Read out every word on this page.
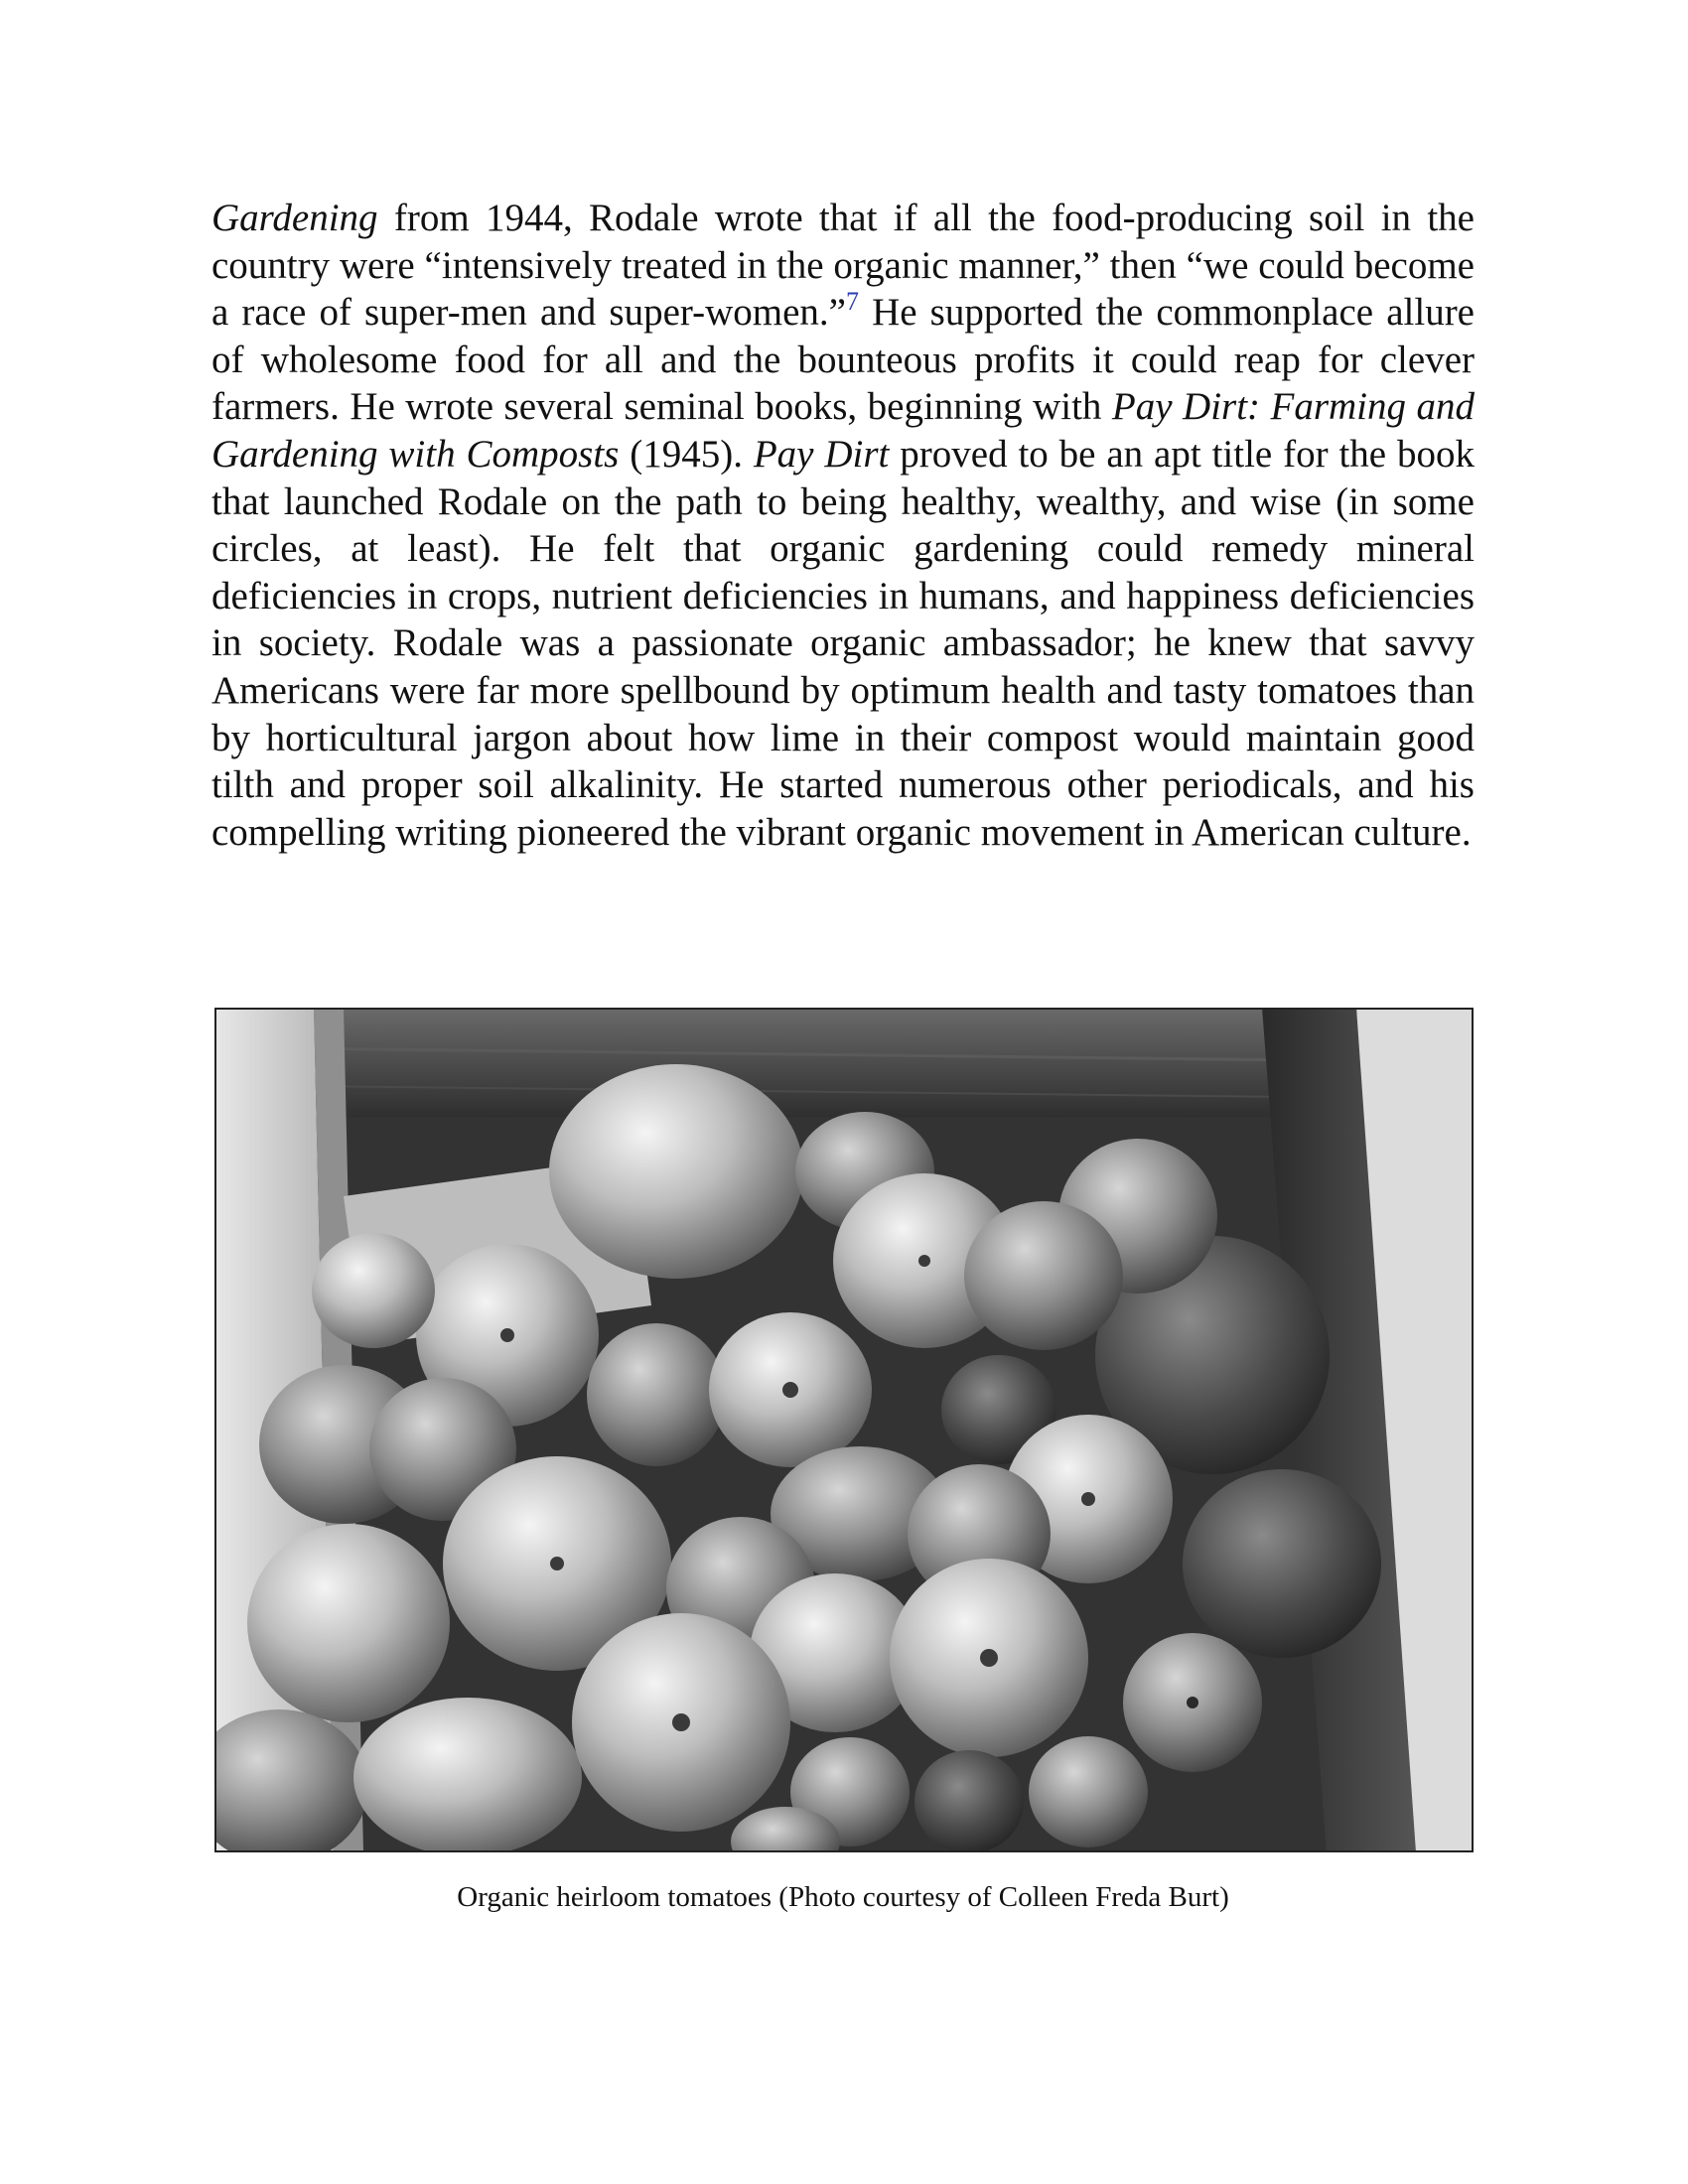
Gardening from 1944, Rodale wrote that if all the food-producing soil in the country were “intensively treated in the organic manner,” then “we could become a race of super-men and super-women.”$^7$ He supported the commonplace allure of wholesome food for all and the bounteous profits it could reap for clever farmers. He wrote several seminal books, beginning with Pay Dirt: Farming and Gardening with Composts (1945). Pay Dirt proved to be an apt title for the book that launched Rodale on the path to being healthy, wealthy, and wise (in some circles, at least). He felt that organic gardening could remedy mineral deficiencies in crops, nutrient deficiencies in humans, and happiness deficiencies in society. Rodale was a passionate organic ambassador; he knew that savvy Americans were far more spellbound by optimum health and tasty tomatoes than by horticultural jargon about how lime in their compost would maintain good tilth and proper soil alkalinity. He started numerous other periodicals, and his compelling writing pioneered the vibrant organic movement in American culture.

Organic heirloom tomatoes (Photo courtesy of Colleen Freda Burt)
